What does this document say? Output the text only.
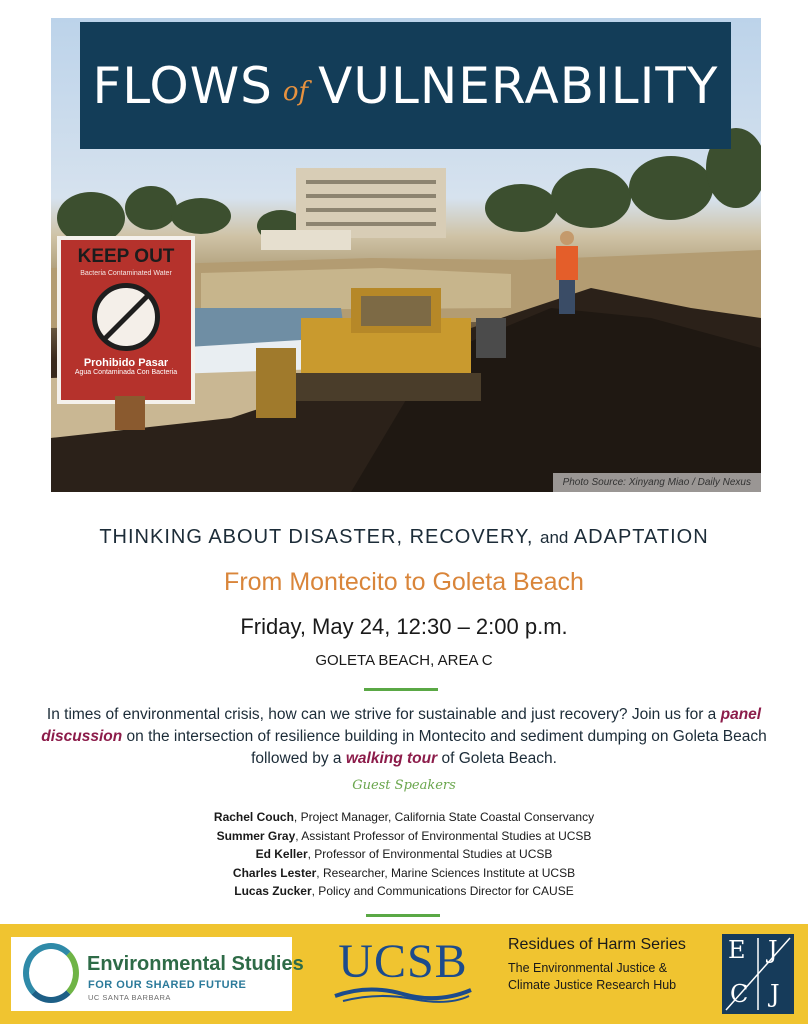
KEEP OUT
Bacteria Contaminated Water
Prohibido Pasar
Agua Contaminada Con Bacteria
FLOWS of VULNERABILITY
Photo Source: Xinyang Miao / Daily Nexus
THINKING ABOUT DISASTER, RECOVERY, and ADAPTATION
From Montecito to Goleta Beach
Friday, May 24, 12:30 – 2:00 p.m.
GOLETA BEACH, AREA C
In times of environmental crisis, how can we strive for sustainable and just recovery? Join us for a panel discussion on the intersection of resilience building in Montecito and sediment dumping on Goleta Beach followed by a walking tour of Goleta Beach.
Guest Speakers
Rachel Couch, Project Manager, California State Coastal Conservancy
Summer Gray, Assistant Professor of Environmental Studies at UCSB
Ed Keller, Professor of Environmental Studies at UCSB
Charles Lester, Researcher, Marine Sciences Institute at UCSB
Lucas Zucker, Policy and Communications Director for CAUSE
Environmental Studies
FOR OUR SHARED FUTURE
UC SANTA BARBARA
UCSB	Residues of Harm Series
The Environmental Justice &
Climate Justice Research Hub
E J
C J
